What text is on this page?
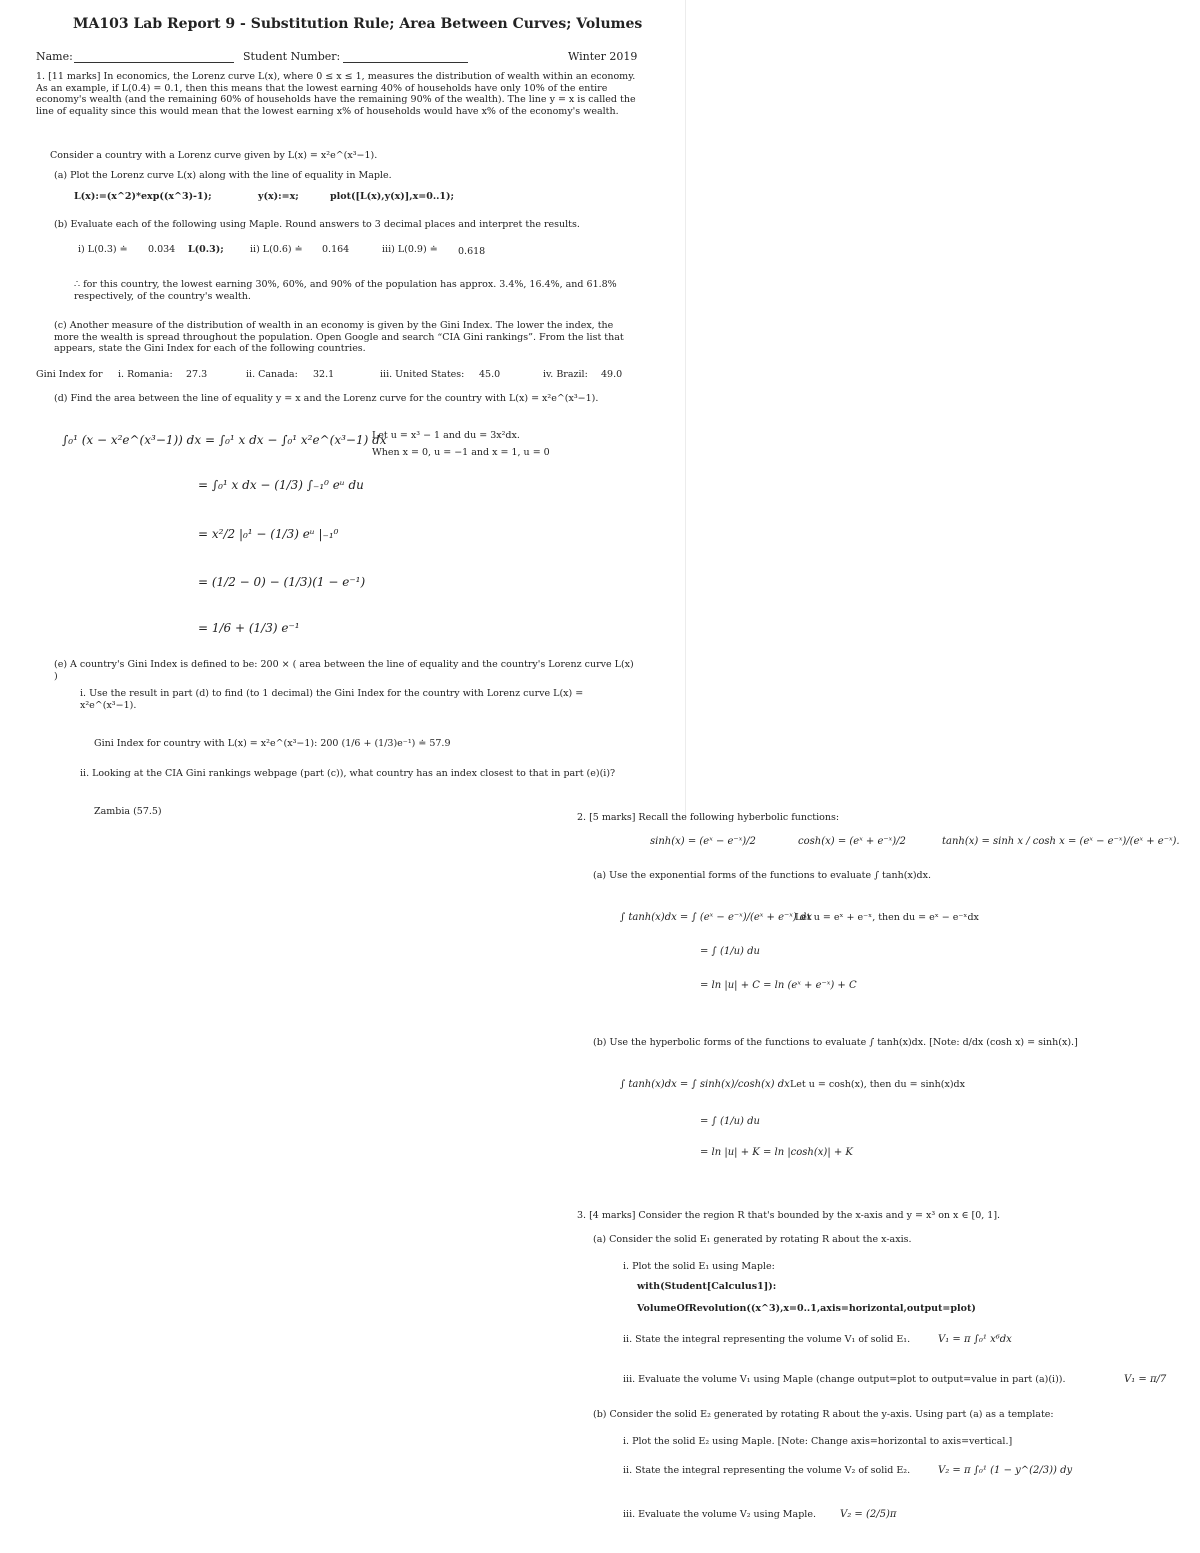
MA103 Lab Report 9 - Substitution Rule; Area Between Curves; Volumes
Name:	Student Number:	Winter 2019
1. [11 marks] In economics, the Lorenz curve L(x), where 0 ≤ x ≤ 1, measures the distribution of wealth within an economy. As an example, if L(0.4) = 0.1, then this means that the lowest earning 40% of households have only 10% of the entire economy's wealth (and the remaining 60% of households have the remaining 90% of the wealth). The line y = x is called the line of equality since this would mean that the lowest earning x% of households would have x% of the economy's wealth.
Consider a country with a Lorenz curve given by L(x) = x²e^(x³−1).
(a) Plot the Lorenz curve L(x) along with the line of equality in Maple.
L(x):=(x^2)*exp((x^3)-1);	y(x):=x;	plot([L(x),y(x)],x=0..1);
(b) Evaluate each of the following using Maple. Round answers to 3 decimal places and interpret the results.
i) L(0.3) ≐ 0.034 L(0.3);	ii) L(0.6) ≐ 0.164	iii) L(0.9) ≐ 0.618
∴ for this country, the lowest earning 30%, 60%, and 90% of the population has approx. 3.4%, 16.4%, and 61.8% respectively, of the country's wealth.
(c) Another measure of the distribution of wealth in an economy is given by the Gini Index. The lower the index, the more the wealth is spread throughout the population. Open Google and search “CIA Gini rankings”. From the list that appears, state the Gini Index for each of the following countries.
Gini Index for i. Romania: 27.3	ii. Canada: 32.1	iii. United States: 45.0	iv. Brazil: 49.0
(d) Find the area between the line of equality y = x and the Lorenz curve for the country with L(x) = x²e^(x³−1).
∫₀¹ (x − x²e^(x³−1)) dx = ∫₀¹ x dx − ∫₀¹ x²e^(x³−1) dx
Let u = x³ − 1 and du = 3x²dx.
When x = 0, u = −1 and x = 1, u = 0
= ∫₀¹ x dx − (1/3) ∫₋₁⁰ eᵘ du
= x²/2 |₀¹ − (1/3) eᵘ |₋₁⁰
= (1/2 − 0) − (1/3)(1 − e⁻¹)
= 1/6 + (1/3) e⁻¹
(e) A country's Gini Index is defined to be: 200 × ( area between the line of equality and the country's Lorenz curve L(x) )
i. Use the result in part (d) to find (to 1 decimal) the Gini Index for the country with Lorenz curve L(x) = x²e^(x³−1).
Gini Index for country with L(x) = x²e^(x³−1): 200 (1/6 + (1/3)e⁻¹) ≐ 57.9
ii. Looking at the CIA Gini rankings webpage (part (c)), what country has an index closest to that in part (e)(i)?
Zambia (57.5)
2. [5 marks] Recall the following hyberbolic functions:
sinh(x) = (eˣ − e⁻ˣ)/2	cosh(x) = (eˣ + e⁻ˣ)/2	tanh(x) = sinh x / cosh x = (eˣ − e⁻ˣ)/(eˣ + e⁻ˣ).
(a) Use the exponential forms of the functions to evaluate ∫ tanh(x)dx.
∫ tanh(x)dx = ∫ (eˣ − e⁻ˣ)/(eˣ + e⁻ˣ) dx
Let u = eˣ + e⁻ˣ, then du = eˣ − e⁻ˣdx
= ∫ (1/u) du
= ln |u| + C = ln (eˣ + e⁻ˣ) + C
(b) Use the hyperbolic forms of the functions to evaluate ∫ tanh(x)dx. [Note: d/dx (cosh x) = sinh(x).]
∫ tanh(x)dx = ∫ sinh(x)/cosh(x) dx Let u = cosh(x), then du = sinh(x)dx
= ∫ (1/u) du
= ln |u| + K = ln |cosh(x)| + K
3. [4 marks] Consider the region R that's bounded by the x-axis and y = x³ on x ∈ [0, 1].
(a) Consider the solid E₁ generated by rotating R about the x-axis.
i. Plot the solid E₁ using Maple:
with(Student[Calculus1]):
VolumeOfRevolution((x^3),x=0..1,axis=horizontal,output=plot)
ii. State the integral representing the volume V₁ of solid E₁.	V₁ = π ∫₀¹ x⁶dx
iii. Evaluate the volume V₁ using Maple (change output=plot to output=value in part (a)(i)).	V₁ = π/7
(b) Consider the solid E₂ generated by rotating R about the y-axis. Using part (a) as a template:
i. Plot the solid E₂ using Maple. [Note: Change axis=horizontal to axis=vertical.]
ii. State the integral representing the volume V₂ of solid E₂.	V₂ = π ∫₀¹ (1 − y^(2/3)) dy
iii. Evaluate the volume V₂ using Maple. V₂ = (2/5)π
